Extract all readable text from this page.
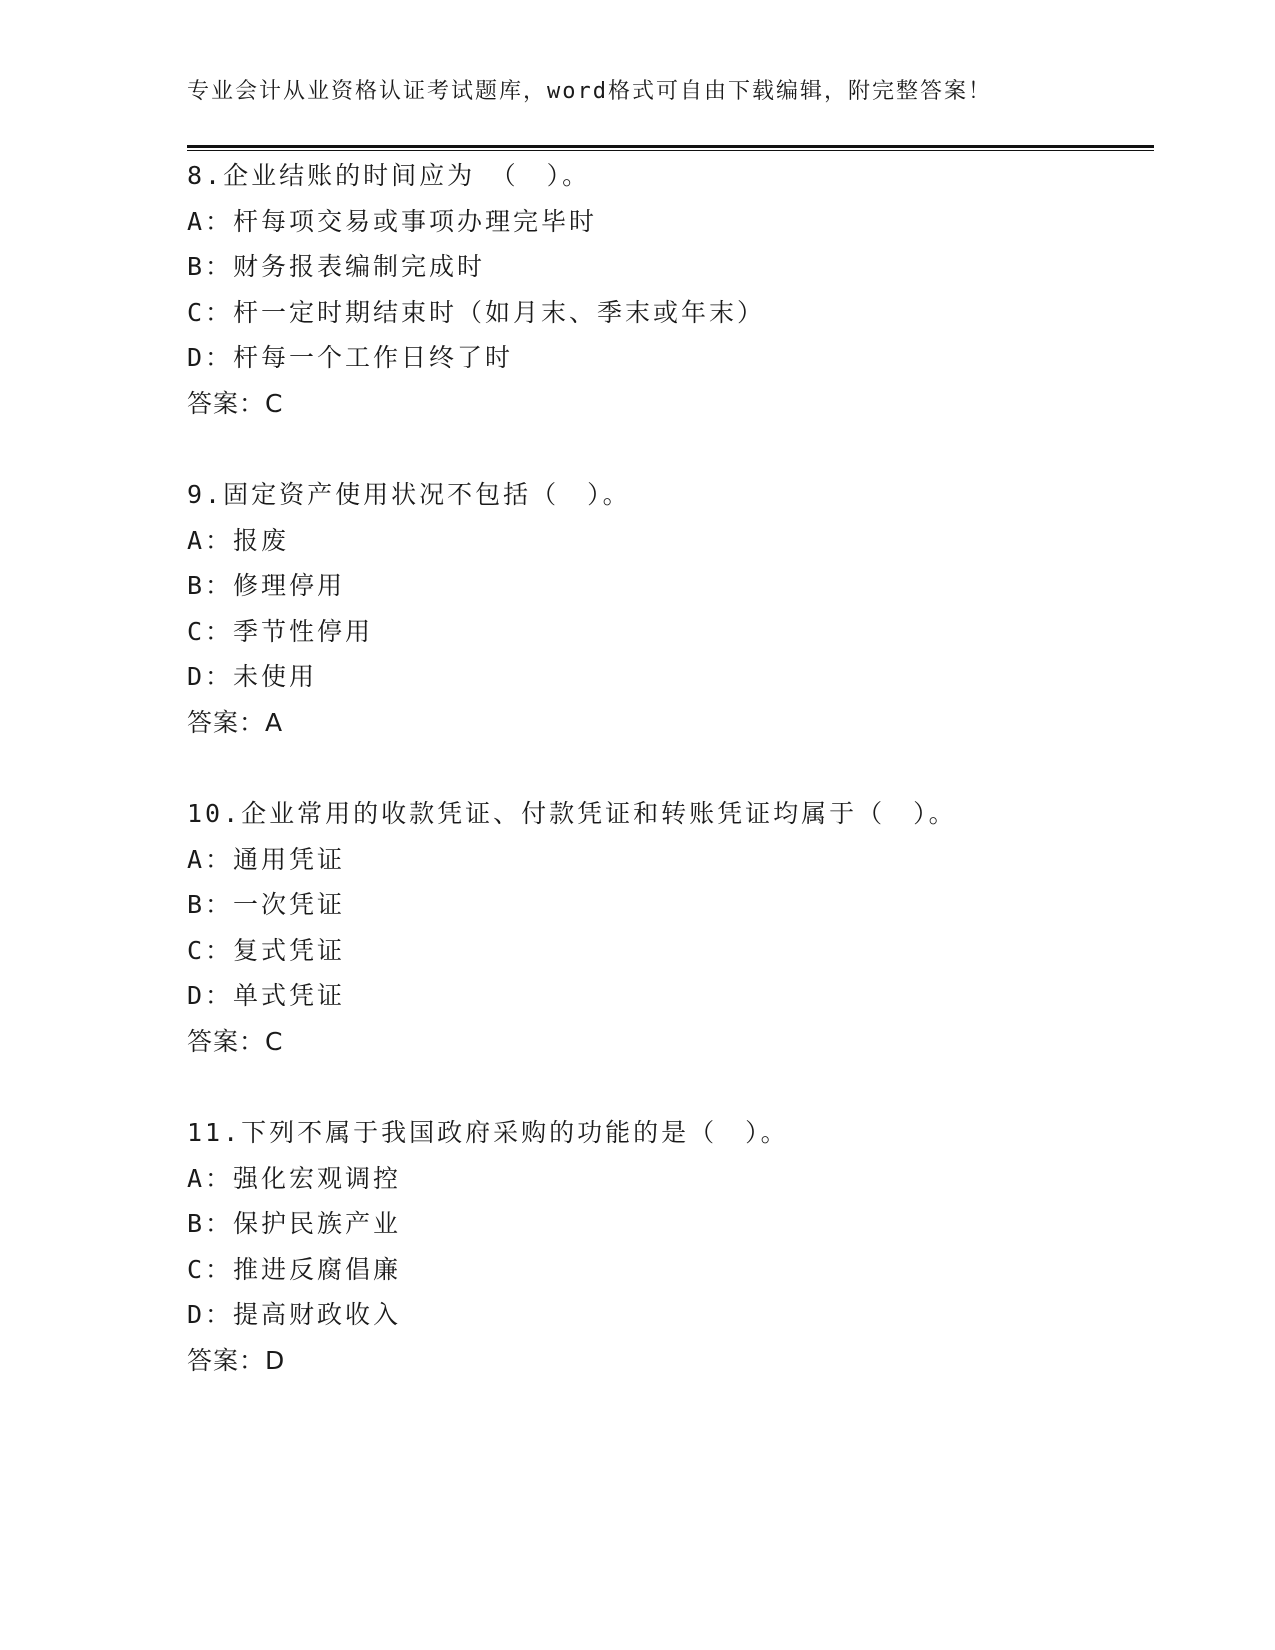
专业会计从业资格认证考试题库，word格式可自由下载编辑，附完整答案！
8.企业结账的时间应为　（　）。
A：杆每项交易或事项办理完毕时
B：财务报表编制完成时
C：杆一定时期结束时（如月末、季末或年末）
D：杆每一个工作日终了时
答案：C
9.固定资产使用状况不包括（　）。
A：报废
B：修理停用
C：季节性停用
D：未使用
答案：A
10.企业常用的收款凭证、付款凭证和转账凭证均属于（　）。
A：通用凭证
B：一次凭证
C：复式凭证
D：单式凭证
答案：C
11.下列不属于我国政府采购的功能的是（　）。
A：强化宏观调控
B：保护民族产业
C：推进反腐倡廉
D：提高财政收入
答案：D
